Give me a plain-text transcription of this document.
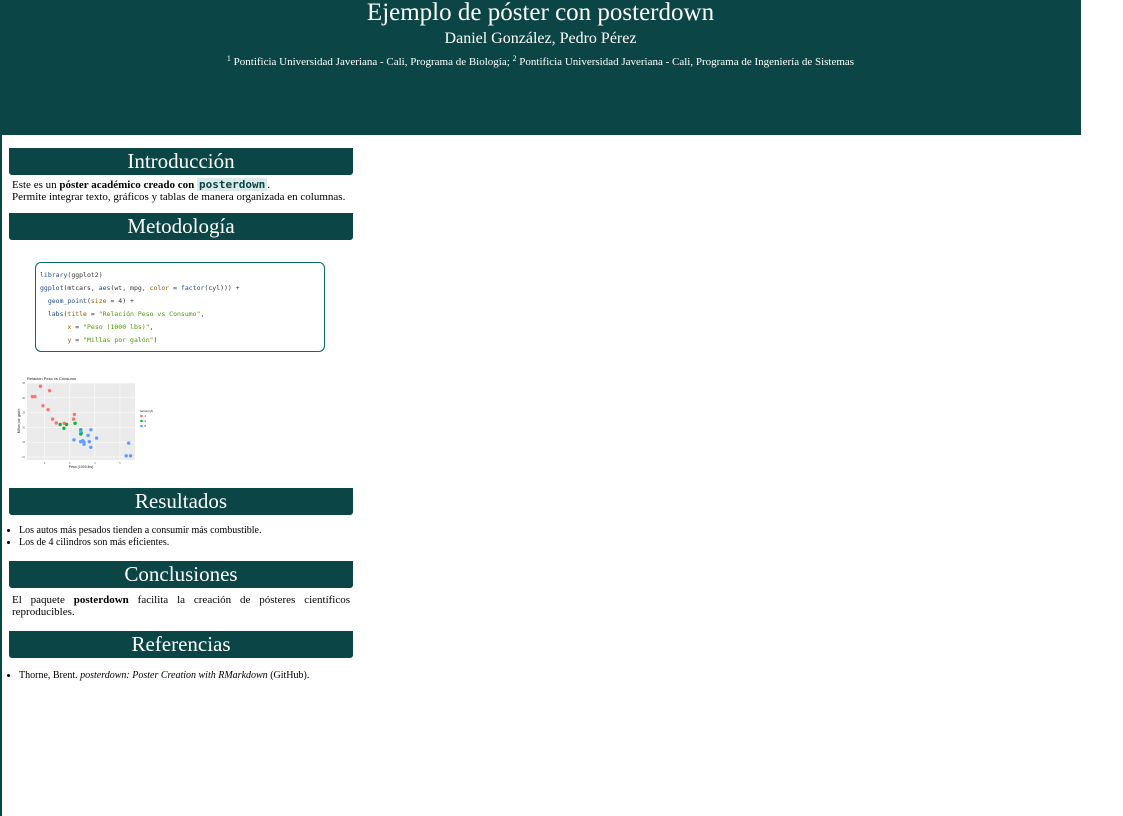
Ejemplo de póster con posterdown
Daniel González, Pedro Pérez
$^1$ Pontificia Universidad Javeriana - Cali, Programa de Biología; $^2$ Pontificia Universidad Javeriana - Cali, Programa de Ingeniería de Sistemas
Introducción
Este es un póster académico creado con posterdown .
Permite integrar texto, gráficos y tablas de manera organizada en columnas.
Metodología
library(ggplot2)
ggplot(mtcars, aes(wt, mpg, color = factor(cyl))) +
geom_point(size = 4) +
labs(title = "Relación Peso vs Consumo",
x = "Peso (1000 lbs)",
y = "Millas por galón")
Relación Peso vs Consumo
10
15
20
25
30
35
2	3	4	5
Peso (1000 lbs)
Millas por galón	factor(cyl)
4
6
8
Resultados
• Los autos más pesados tienden a consumir más combustible.
• Los de 4 cilindros son más eficientes.
Conclusiones
El paquete posterdown facilita la creación de pósteres científicos reproducibles.
Referencias
• Thorne, Brent. posterdown: Poster Creation with RMarkdown (GitHub).
